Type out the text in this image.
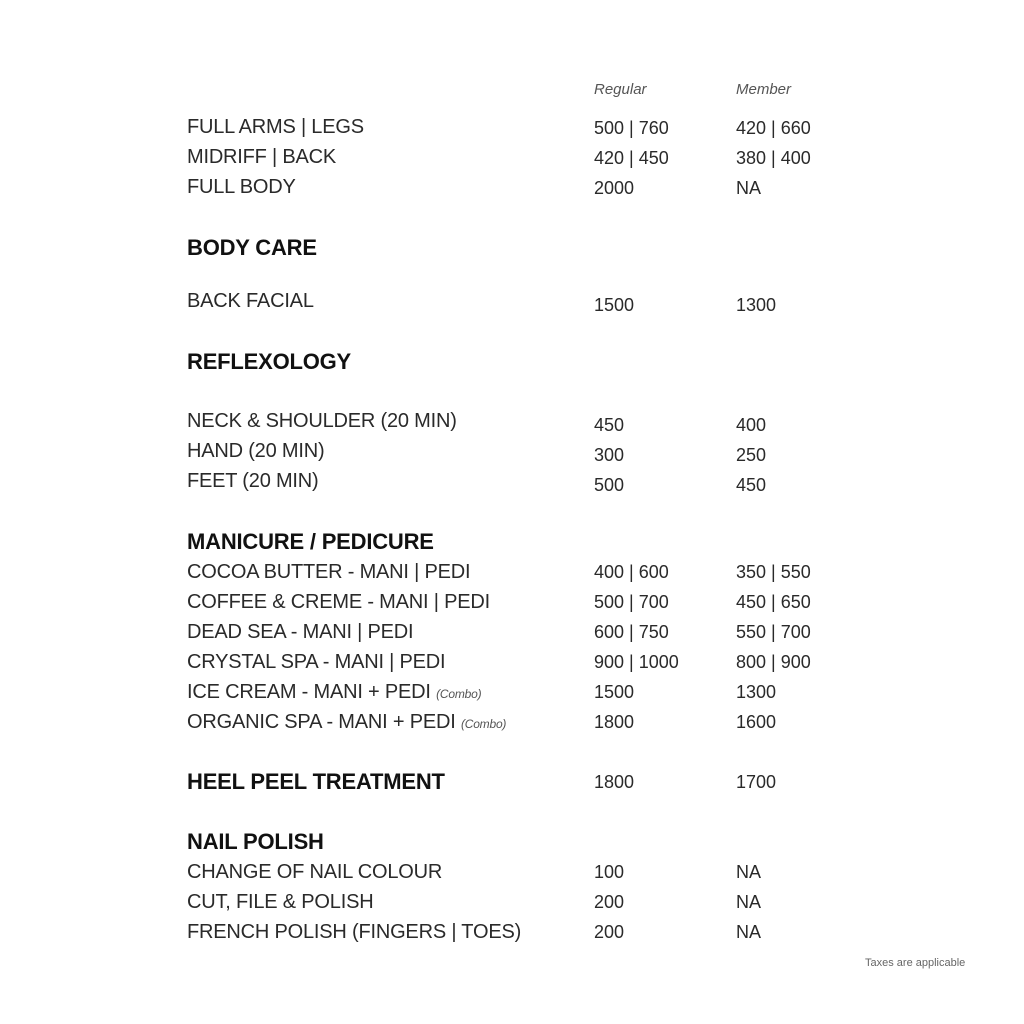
Regular	Member
FULL ARMS | LEGS	500 | 760	420 | 660
MIDRIFF | BACK	420 | 450	380 | 400
FULL BODY	2000	NA
BODY CARE
BACK FACIAL	1500	1300
REFLEXOLOGY
NECK & SHOULDER (20 MIN)	450	400
HAND (20 MIN)	300	250
FEET (20 MIN)	500	450
MANICURE / PEDICURE
COCOA BUTTER - MANI | PEDI	400 | 600	350 | 550
COFFEE & CREME - MANI | PEDI	500 | 700	450 | 650
DEAD SEA - MANI | PEDI	600 | 750	550 | 700
CRYSTAL SPA - MANI | PEDI	900 | 1000	800 | 900
ICE CREAM - MANI + PEDI (Combo)	1500	1300
ORGANIC SPA - MANI + PEDI (Combo)	1800	1600
HEEL PEEL TREATMENT	1800	1700
NAIL POLISH
CHANGE OF NAIL COLOUR	100	NA
CUT, FILE & POLISH	200	NA
FRENCH POLISH (FINGERS | TOES)	200	NA
Taxes are applicable
